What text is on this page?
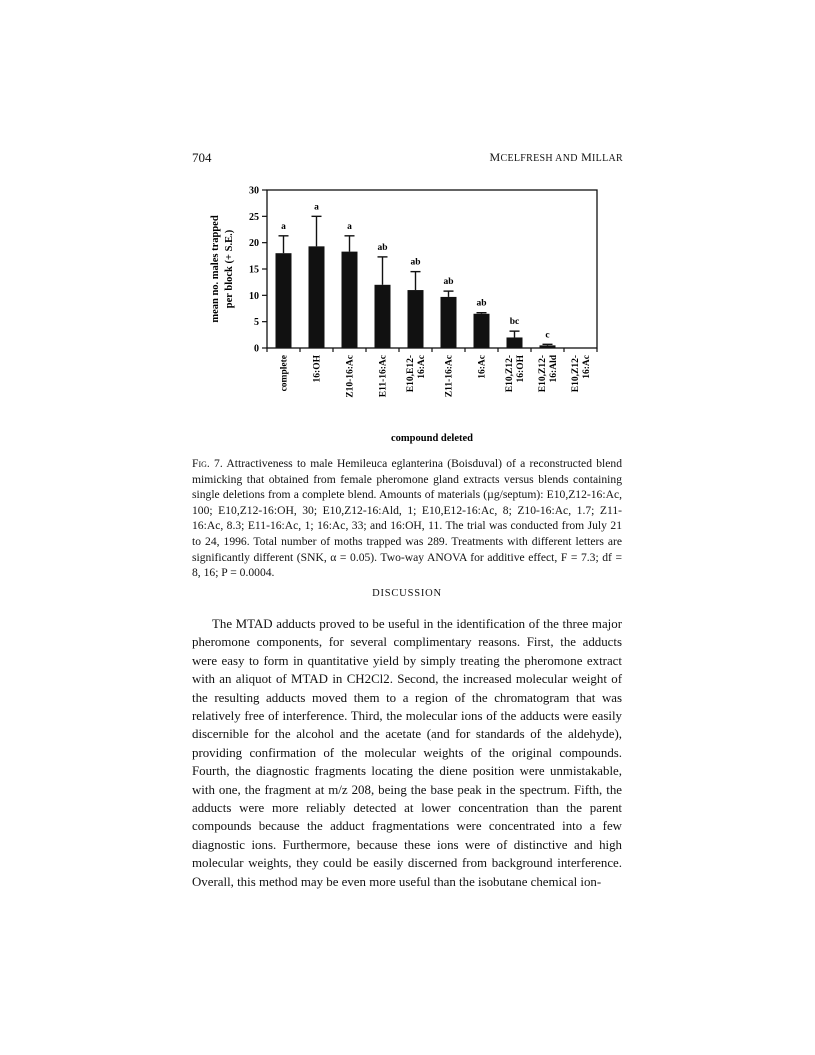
704	MCELFRESH AND MILLAR
0
5
10
15
20
25
30
a
complete
a
16:OH
a
Z10-16:Ac
ab
E11-16:Ac
ab
E10,E12- 16:Ac
ab
Z11-16:Ac
ab
16:Ac
bc
E10,Z12- 16:OH
c
E10,Z12- 16:Ald E10,Z12- 16:Ac
compound deleted
mean no. males trapped per block (+ S.E.)
Fig. 7. Attractiveness to male Hemileuca eglanterina (Boisduval) of a reconstructed blend mimicking that obtained from female pheromone gland extracts versus blends containing single deletions from a complete blend. Amounts of materials (µg/septum): E10,Z12-16:Ac, 100; E10,Z12-16:OH, 30; E10,Z12-16:Ald, 1; E10,E12-16:Ac, 8; Z10-16:Ac, 1.7; Z11-16:Ac, 8.3; E11-16:Ac, 1; 16:Ac, 33; and 16:OH, 11. The trial was conducted from July 21 to 24, 1996. Total number of moths trapped was 289. Treatments with different letters are significantly different (SNK, α = 0.05). Two-way ANOVA for additive effect, F = 7.3; df = 8, 16; P = 0.0004.
DISCUSSION

The MTAD adducts proved to be useful in the identification of the three major pheromone components, for several complimentary reasons. First, the adducts were easy to form in quantitative yield by simply treating the pheromone extract with an aliquot of MTAD in CH2Cl2. Second, the increased molecular weight of the resulting adducts moved them to a region of the chromatogram that was relatively free of interference. Third, the molecular ions of the adducts were easily discernible for the alcohol and the acetate (and for standards of the aldehyde), providing confirmation of the molecular weights of the original compounds. Fourth, the diagnostic fragments locating the diene position were unmistakable, with one, the fragment at m/z 208, being the base peak in the spectrum. Fifth, the adducts were more reliably detected at lower concentration than the parent compounds because the adduct fragmentations were concentrated into a few diagnostic ions. Furthermore, because these ions were of distinctive and high molecular weights, they could be easily discerned from background interference. Overall, this method may be even more useful than the isobutane chemical ion-
